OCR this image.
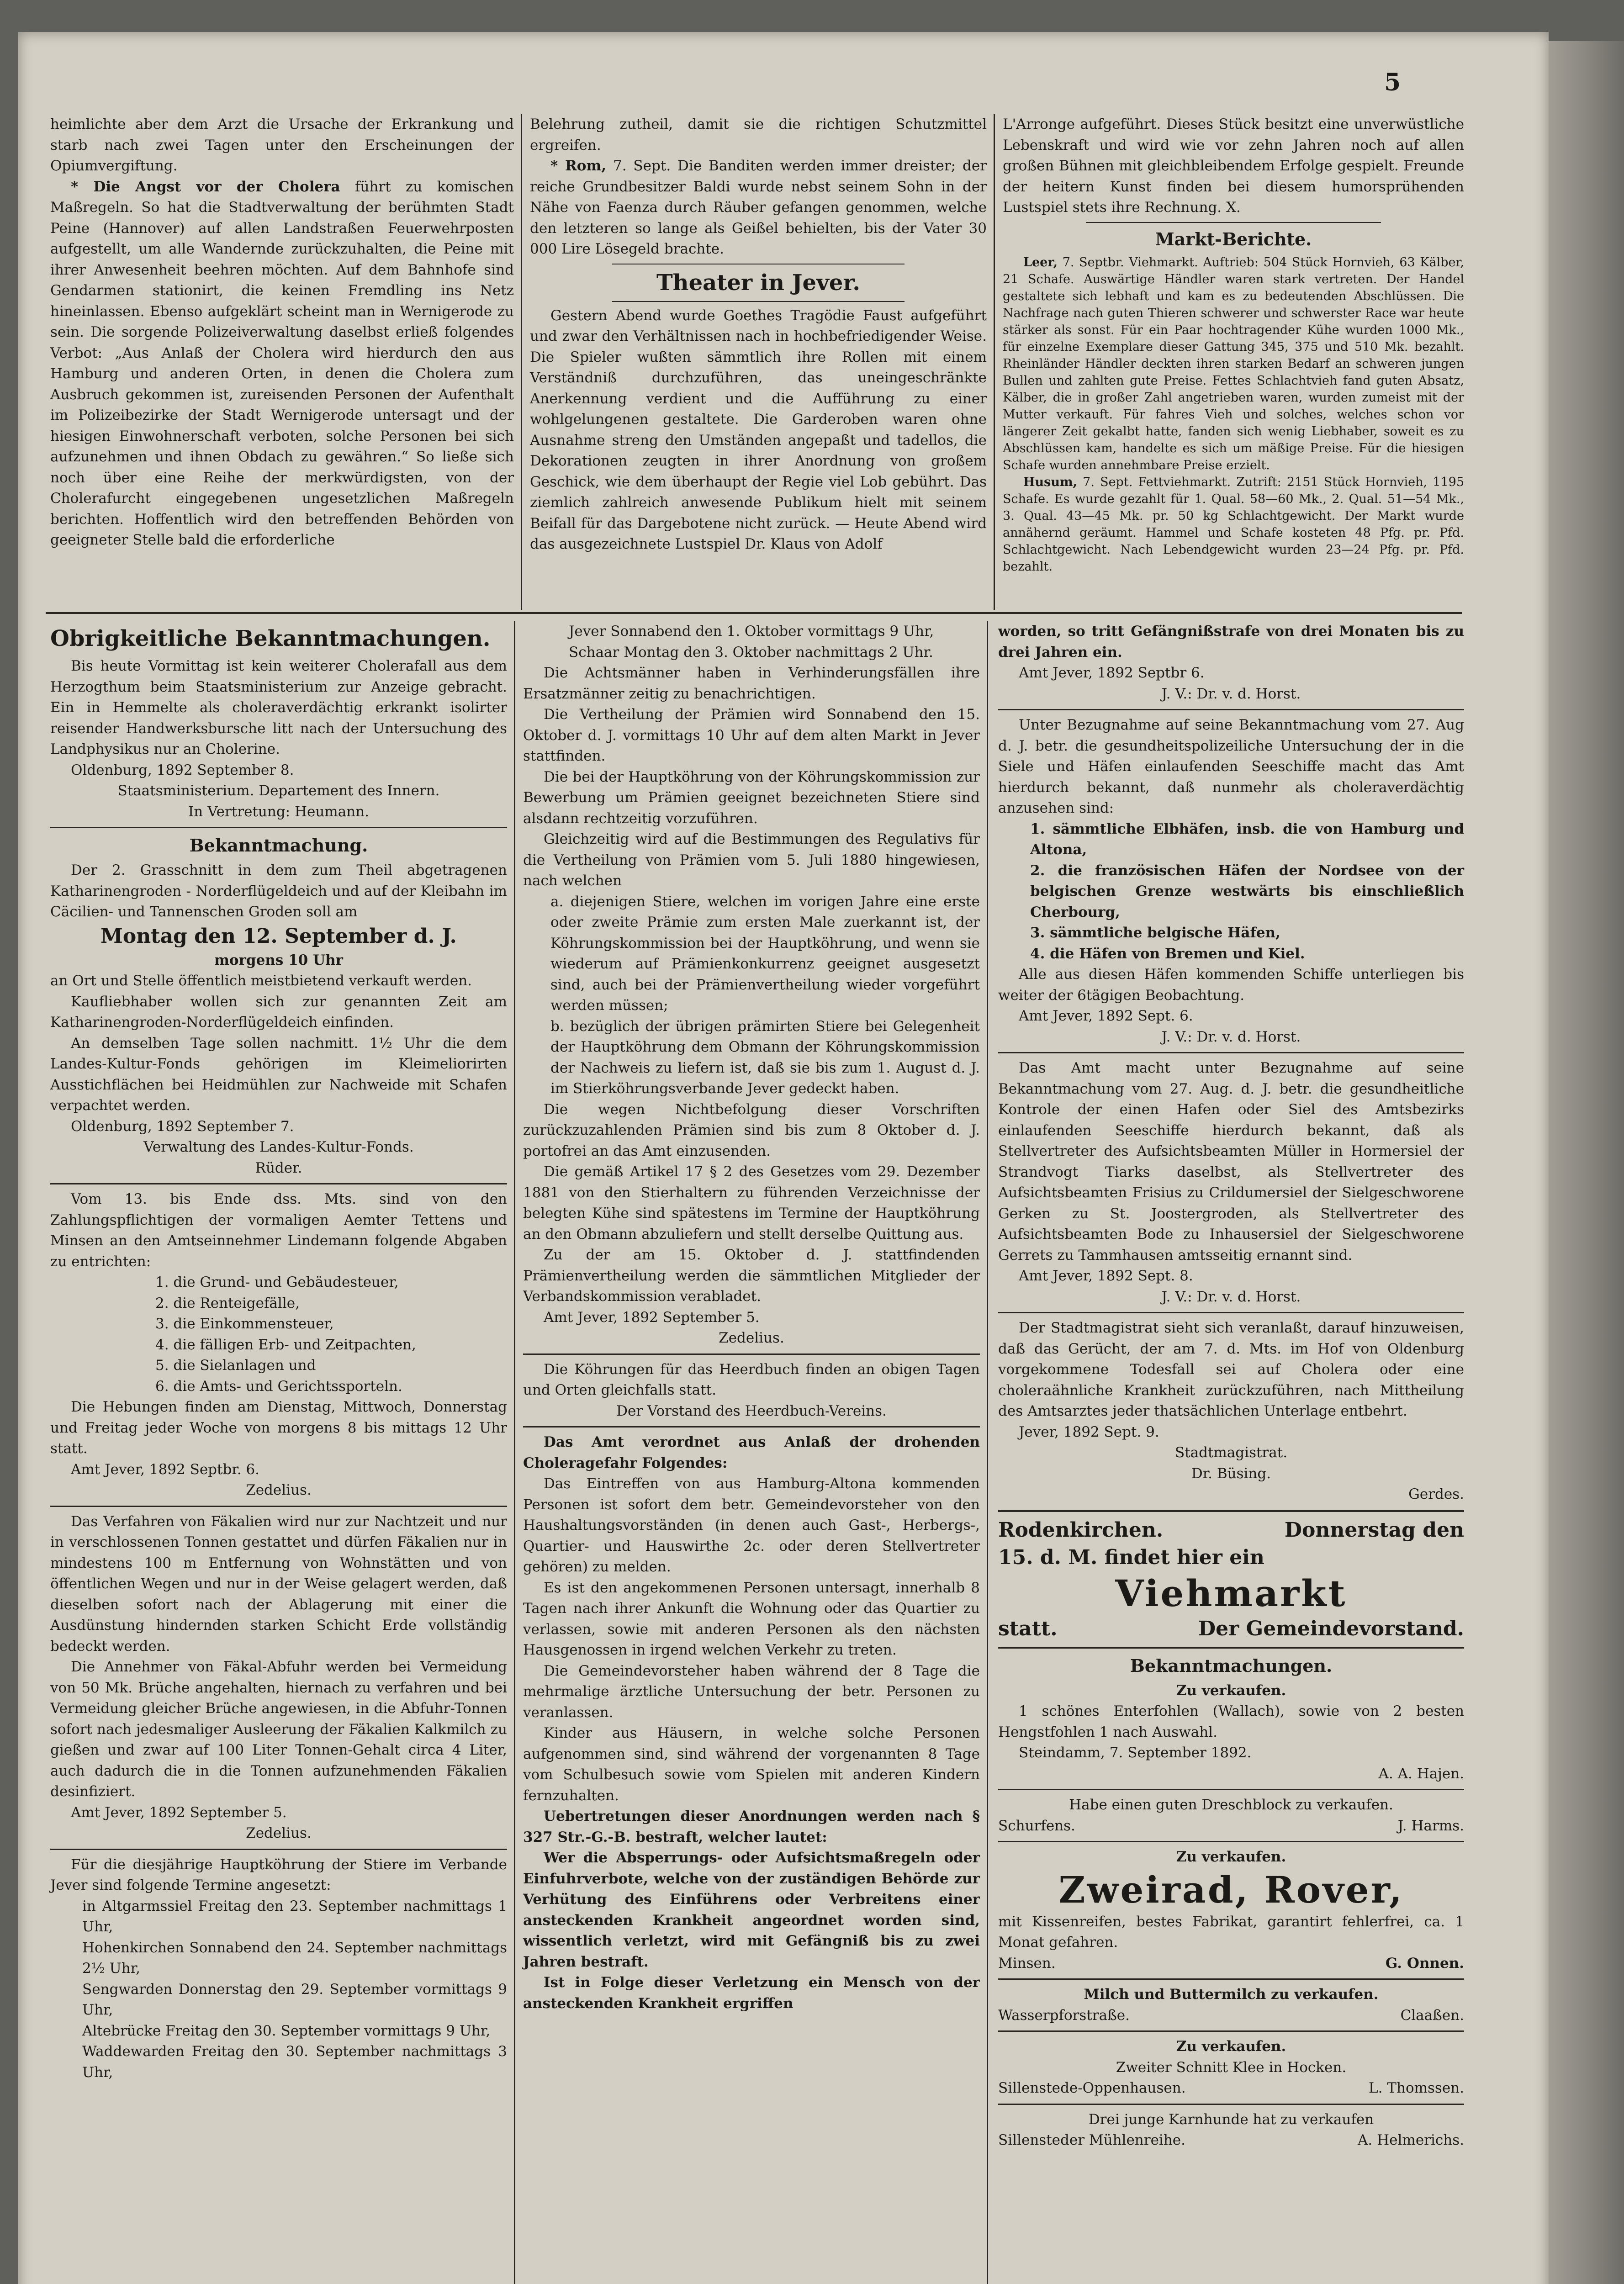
5

heimlichte aber dem Arzt die Ursache der Erkrankung und starb nach zwei Tagen unter den Erscheinungen der Opiumvergiftung.

* Die Angst vor der Cholera führt zu komischen Maßregeln. So hat die Stadtverwaltung der berühmten Stadt Peine (Hannover) auf allen Landstraßen Feuerwehrposten aufgestellt, um alle Wandernde zurückzuhalten, die Peine mit ihrer Anwesenheit beehren möchten. Auf dem Bahnhofe sind Gendarmen stationirt, die keinen Fremdling ins Netz hineinlassen. Ebenso aufgeklärt scheint man in Wernigerode zu sein. Die sorgende Polizeiverwaltung daselbst erließ folgendes Verbot: „Aus Anlaß der Cholera wird hierdurch den aus Hamburg und anderen Orten, in denen die Cholera zum Ausbruch gekommen ist, zureisenden Personen der Aufenthalt im Polizeibezirke der Stadt Wernigerode untersagt und der hiesigen Einwohnerschaft verboten, solche Personen bei sich aufzunehmen und ihnen Obdach zu gewähren.“ So ließe sich noch über eine Reihe der merkwürdigsten, von der Cholerafurcht eingegebenen ungesetzlichen Maßregeln berichten. Hoffentlich wird den betreffenden Behörden von geeigneter Stelle bald die erforderliche

Belehrung zutheil, damit sie die richtigen Schutzmittel ergreifen.

* Rom, 7. Sept. Die Banditen werden immer dreister; der reiche Grundbesitzer Baldi wurde nebst seinem Sohn in der Nähe von Faenza durch Räuber gefangen genommen, welche den letzteren so lange als Geißel behielten, bis der Vater 30 000 Lire Lösegeld brachte.

Theater in Jever.

Gestern Abend wurde Goethes Tragödie Faust aufgeführt und zwar den Verhältnissen nach in hochbefriedigender Weise. Die Spieler wußten sämmtlich ihre Rollen mit einem Verständniß durchzuführen, das uneingeschränkte Anerkennung verdient und die Aufführung zu einer wohlgelungenen gestaltete. Die Garderoben waren ohne Ausnahme streng den Umständen angepaßt und tadellos, die Dekorationen zeugten in ihrer Anordnung von großem Geschick, wie dem überhaupt der Regie viel Lob gebührt. Das ziemlich zahlreich anwesende Publikum hielt mit seinem Beifall für das Dargebotene nicht zurück. — Heute Abend wird das ausgezeichnete Lustspiel Dr. Klaus von Adolf

L'Arronge aufgeführt. Dieses Stück besitzt eine unverwüstliche Lebenskraft und wird wie vor zehn Jahren noch auf allen großen Bühnen mit gleichbleibendem Erfolge gespielt. Freunde der heitern Kunst finden bei diesem humorsprühenden Lustspiel stets ihre Rechnung. X.

Markt-Berichte.

Leer, 7. Septbr. Viehmarkt. Auftrieb: 504 Stück Hornvieh, 63 Kälber, 21 Schafe. Auswärtige Händler waren stark vertreten. Der Handel gestaltete sich lebhaft und kam es zu bedeutenden Abschlüssen. Die Nachfrage nach guten Thieren schwerer und schwerster Race war heute stärker als sonst. Für ein Paar hochtragender Kühe wurden 1000 Mk., für einzelne Exemplare dieser Gattung 345, 375 und 510 Mk. bezahlt. Rheinländer Händler deckten ihren starken Bedarf an schweren jungen Bullen und zahlten gute Preise. Fettes Schlachtvieh fand guten Absatz, Kälber, die in großer Zahl angetrieben waren, wurden zumeist mit der Mutter verkauft. Für fahres Vieh und solches, welches schon vor längerer Zeit gekalbt hatte, fanden sich wenig Liebhaber, soweit es zu Abschlüssen kam, handelte es sich um mäßige Preise. Für die hiesigen Schafe wurden annehmbare Preise erzielt.

Husum, 7. Sept. Fettviehmarkt. Zutrift: 2151 Stück Hornvieh, 1195 Schafe. Es wurde gezahlt für 1. Qual. 58—60 Mk., 2. Qual. 51—54 Mk., 3. Qual. 43—45 Mk. pr. 50 kg Schlachtgewicht. Der Markt wurde annähernd geräumt. Hammel und Schafe kosteten 48 Pfg. pr. Pfd. Schlachtgewicht. Nach Lebendgewicht wurden 23—24 Pfg. pr. Pfd. bezahlt.

Obrigkeitliche Bekanntmachungen.

Bis heute Vormittag ist kein weiterer Cholerafall aus dem Herzogthum beim Staatsministerium zur Anzeige gebracht. Ein in Hemmelte als choleraverdächtig erkrankt isolirter reisender Handwerksbursche litt nach der Untersuchung des Landphysikus nur an Cholerine.

Oldenburg, 1892 September 8.

Staatsministerium. Departement des Innern.

In Vertretung: Heumann.

Bekanntmachung.

Der 2. Grasschnitt in dem zum Theil abgetragenen Katharinengroden - Norderflügeldeich und auf der Kleibahn im Cäcilien- und Tannenschen Groden soll am

Montag den 12. September d. J.

morgens 10 Uhr

an Ort und Stelle öffentlich meistbietend verkauft werden.

Kaufliebhaber wollen sich zur genannten Zeit am Katharinengroden-Norderflügeldeich einfinden.

An demselben Tage sollen nachmitt. 1½ Uhr die dem Landes-Kultur-Fonds gehörigen im Kleimeliorirten Ausstichflächen bei Heidmühlen zur Nachweide mit Schafen verpachtet werden.

Oldenburg, 1892 September 7.

Verwaltung des Landes-Kultur-Fonds.

Rüder.

Vom 13. bis Ende dss. Mts. sind von den Zahlungspflichtigen der vormaligen Aemter Tettens und Minsen an den Amtseinnehmer Lindemann folgende Abgaben zu entrichten:

1. die Grund- und Gebäudesteuer,

2. die Renteigefälle,

3. die Einkommensteuer,

4. die fälligen Erb- und Zeitpachten,

5. die Sielanlagen und

6. die Amts- und Gerichtssporteln.

Die Hebungen finden am Dienstag, Mittwoch, Donnerstag und Freitag jeder Woche von morgens 8 bis mittags 12 Uhr statt.

Amt Jever, 1892 Septbr. 6.

Zedelius.

Das Verfahren von Fäkalien wird nur zur Nachtzeit und nur in verschlossenen Tonnen gestattet und dürfen Fäkalien nur in mindestens 100 m Entfernung von Wohnstätten und von öffentlichen Wegen und nur in der Weise gelagert werden, daß dieselben sofort nach der Ablagerung mit einer die Ausdünstung hindernden starken Schicht Erde vollständig bedeckt werden.

Die Annehmer von Fäkal-Abfuhr werden bei Vermeidung von 50 Mk. Brüche angehalten, hiernach zu verfahren und bei Vermeidung gleicher Brüche angewiesen, in die Abfuhr-Tonnen sofort nach jedesmaliger Ausleerung der Fäkalien Kalkmilch zu gießen und zwar auf 100 Liter Tonnen-Gehalt circa 4 Liter, auch dadurch die in die Tonnen aufzunehmenden Fäkalien desinfiziert.

Amt Jever, 1892 September 5.

Zedelius.

Für die diesjährige Hauptköhrung der Stiere im Verbande Jever sind folgende Termine angesetzt:

in Altgarmssiel Freitag den 23. September nachmittags 1 Uhr,

Hohenkirchen Sonnabend den 24. September nachmittags 2½ Uhr,

Sengwarden Donnerstag den 29. September vormittags 9 Uhr,

Altebrücke Freitag den 30. September vormittags 9 Uhr,

Waddewarden Freitag den 30. September nachmittags 3 Uhr,

Jever Sonnabend den 1. Oktober vormittags 9 Uhr,

Schaar Montag den 3. Oktober nachmittags 2 Uhr.

Die Achtsmänner haben in Verhinderungsfällen ihre Ersatzmänner zeitig zu benachrichtigen.

Die Vertheilung der Prämien wird Sonnabend den 15. Oktober d. J. vormittags 10 Uhr auf dem alten Markt in Jever stattfinden.

Die bei der Hauptköhrung von der Köhrungskommission zur Bewerbung um Prämien geeignet bezeichneten Stiere sind alsdann rechtzeitig vorzuführen.

Gleichzeitig wird auf die Bestimmungen des Regulativs für die Vertheilung von Prämien vom 5. Juli 1880 hingewiesen, nach welchen

a. diejenigen Stiere, welchen im vorigen Jahre eine erste oder zweite Prämie zum ersten Male zuerkannt ist, der Köhrungskommission bei der Hauptköhrung, und wenn sie wiederum auf Prämienkonkurrenz geeignet ausgesetzt sind, auch bei der Prämienvertheilung wieder vorgeführt werden müssen;

b. bezüglich der übrigen prämirten Stiere bei Gelegenheit der Hauptköhrung dem Obmann der Köhrungskommission der Nachweis zu liefern ist, daß sie bis zum 1. August d. J. im Stierköhrungsverbande Jever gedeckt haben.

Die wegen Nichtbefolgung dieser Vorschriften zurückzuzahlenden Prämien sind bis zum 8 Oktober d. J. portofrei an das Amt einzusenden.

Die gemäß Artikel 17 § 2 des Gesetzes vom 29. Dezember 1881 von den Stierhaltern zu führenden Verzeichnisse der belegten Kühe sind spätestens im Termine der Hauptköhrung an den Obmann abzuliefern und stellt derselbe Quittung aus.

Zu der am 15. Oktober d. J. stattfindenden Prämienvertheilung werden die sämmtlichen Mitglieder der Verbandskommission verabladet.

Amt Jever, 1892 September 5.

Zedelius.

Die Köhrungen für das Heerdbuch finden an obigen Tagen und Orten gleichfalls statt.

Der Vorstand des Heerdbuch-Vereins.

Das Amt verordnet aus Anlaß der drohenden Choleragefahr Folgendes:

Das Eintreffen von aus Hamburg-Altona kommenden Personen ist sofort dem betr. Gemeindevorsteher von den Haushaltungsvorständen (in denen auch Gast-, Herbergs-, Quartier- und Hauswirthe 2c. oder deren Stellvertreter gehören) zu melden.

Es ist den angekommenen Personen untersagt, innerhalb 8 Tagen nach ihrer Ankunft die Wohnung oder das Quartier zu verlassen, sowie mit anderen Personen als den nächsten Hausgenossen in irgend welchen Verkehr zu treten.

Die Gemeindevorsteher haben während der 8 Tage die mehrmalige ärztliche Untersuchung der betr. Personen zu veranlassen.

Kinder aus Häusern, in welche solche Personen aufgenommen sind, sind während der vorgenannten 8 Tage vom Schulbesuch sowie vom Spielen mit anderen Kindern fernzuhalten.

Uebertretungen dieser Anordnungen werden nach § 327 Str.-G.-B. bestraft, welcher lautet:

Wer die Absperrungs- oder Aufsichtsmaßregeln oder Einfuhrverbote, welche von der zuständigen Behörde zur Verhütung des Einführens oder Verbreitens einer ansteckenden Krankheit angeordnet worden sind, wissentlich verletzt, wird mit Gefängniß bis zu zwei Jahren bestraft.

Ist in Folge dieser Verletzung ein Mensch von der ansteckenden Krankheit ergriffen

worden, so tritt Gefängnißstrafe von drei Monaten bis zu drei Jahren ein.

Amt Jever, 1892 Septbr 6.

J. V.: Dr. v. d. Horst.

Unter Bezugnahme auf seine Bekanntmachung vom 27. Aug d. J. betr. die gesundheitspolizeiliche Untersuchung der in die Siele und Häfen einlaufenden Seeschiffe macht das Amt hierdurch bekannt, daß nunmehr als choleraverdächtig anzusehen sind:

1. sämmtliche Elbhäfen, insb. die von Hamburg und Altona,

2. die französischen Häfen der Nordsee von der belgischen Grenze westwärts bis einschließlich Cherbourg,

3. sämmtliche belgische Häfen,

4. die Häfen von Bremen und Kiel.

Alle aus diesen Häfen kommenden Schiffe unterliegen bis weiter der 6tägigen Beobachtung.

Amt Jever, 1892 Sept. 6.

J. V.: Dr. v. d. Horst.

Das Amt macht unter Bezugnahme auf seine Bekanntmachung vom 27. Aug. d. J. betr. die gesundheitliche Kontrole der einen Hafen oder Siel des Amtsbezirks einlaufenden Seeschiffe hierdurch bekannt, daß als Stellvertreter des Aufsichtsbeamten Müller in Hormersiel der Strandvogt Tiarks daselbst, als Stellvertreter des Aufsichtsbeamten Frisius zu Crildumersiel der Sielgeschworene Gerken zu St. Joostergroden, als Stellvertreter des Aufsichtsbeamten Bode zu Inhausersiel der Sielgeschworene Gerrets zu Tammhausen amtsseitig ernannt sind.

Amt Jever, 1892 Sept. 8.

J. V.: Dr. v. d. Horst.

Der Stadtmagistrat sieht sich veranlaßt, darauf hinzuweisen, daß das Gerücht, der am 7. d. Mts. im Hof von Oldenburg vorgekommene Todesfall sei auf Cholera oder eine choleraähnliche Krankheit zurückzuführen, nach Mittheilung des Amtsarztes jeder thatsächlichen Unterlage entbehrt.

Jever, 1892 Sept. 9.

Stadtmagistrat.

Dr. Büsing.

Gerdes.

Rodenkirchen.	Donnerstag den

15. d. M. findet hier ein

Viehmarkt
statt.	Der Gemeindevorstand.
Bekanntmachungen.

Zu verkaufen.

1 schönes Enterfohlen (Wallach), sowie von 2 besten Hengstfohlen 1 nach Auswahl.

Steindamm, 7. September 1892.

A. A. Hajen.

Habe einen guten Dreschblock zu verkaufen.

Schurfens.	J. Harms.

Zu verkaufen.

Zweirad, Rover,

mit Kissenreifen, bestes Fabrikat, garantirt fehlerfrei, ca. 1 Monat gefahren.

Minsen.	G. Onnen.

Milch und Buttermilch zu verkaufen.

Wasserpforstraße.	Claaßen.

Zu verkaufen.

Zweiter Schnitt Klee in Hocken.

Sillenstede-Oppenhausen.	L. Thomssen.

Drei junge Karnhunde hat zu verkaufen

Sillensteder Mühlenreihe.	A. Helmerichs.
